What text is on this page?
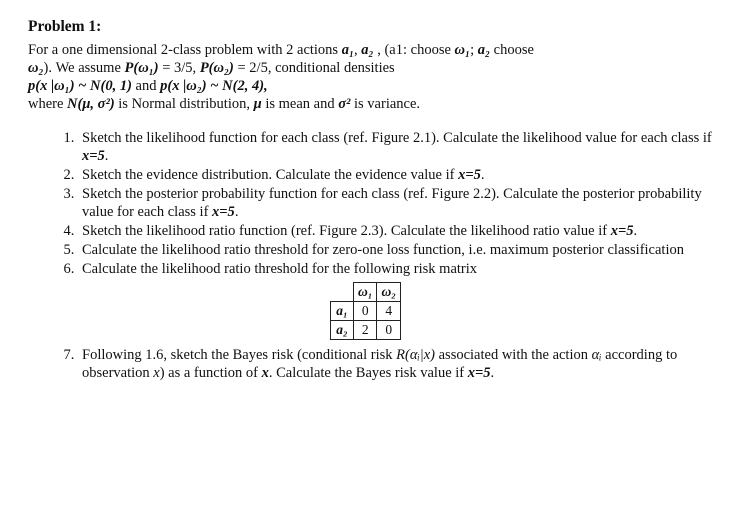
Problem 1:

For a one dimensional 2-class problem with 2 actions a₁, a₂ , (a1: choose ω₁; a₂ choose

ω₂). We assume P(ω₁) = 3/5, P(ω₂) = 2/5, conditional densities

p(x |ω₁) ~ N(0, 1) and p(x |ω₂) ~ N(2, 4),

where N(μ, σ²) is Normal distribution, μ is mean and σ² is variance.

1. Sketch the likelihood function for each class (ref. Figure 2.1). Calculate the likelihood value for each class if x=5.
2. Sketch the evidence distribution. Calculate the evidence value if x=5.
3. Sketch the posterior probability function for each class (ref. Figure 2.2). Calculate the posterior probability value for each class if x=5.
4. Sketch the likelihood ratio function (ref. Figure 2.3). Calculate the likelihood ratio value if x=5.
5. Calculate the likelihood ratio threshold for zero-one loss function, i.e. maximum posterior classification
6. Calculate the likelihood ratio threshold for the following risk matrix
	ω₁	ω₂
a₁	0	4
a₂	2	0
7. Following 1.6, sketch the Bayes risk (conditional risk R(αᵢ|x) associated with the action αᵢ according to observation x) as a function of x. Calculate the Bayes risk value if x=5.
